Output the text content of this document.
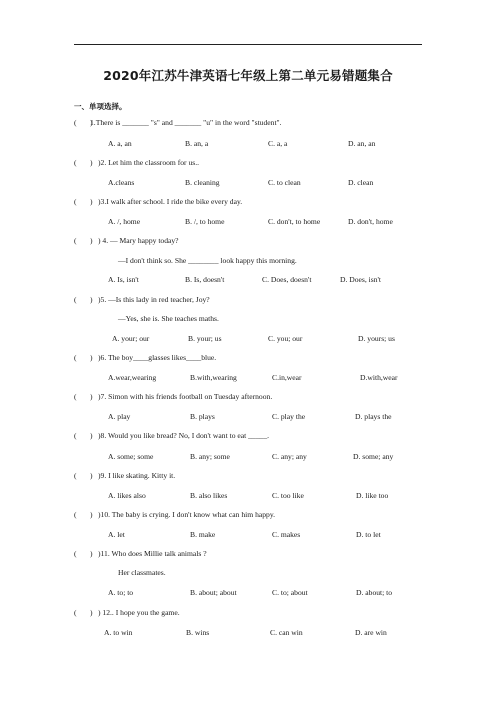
2020年江苏牛津英语七年级上第二单元易错题集合
一、单项选择。
( ) 1.There is _______ "s" and _______ "u" in the word "student".
A. a, an	B. an, a	C. a, a	D. an, an
( )	)2. Let him the classroom for us..
A.cleans	B. cleaning	C. to clean	D. clean
( )	)3.I walk after school. I ride the bike every day.
A. /, home	B. /, to home	C. don't, to home	D. don't, home
( )	) 4. — Mary happy today?
—I don't think so. She ________ look happy this morning.
A. Is, isn't	B. Is, doesn't	C. Does, doesn't	D. Does, isn't
( )	)5. —Is this lady in red teacher, Joy?
—Yes, she is. She teaches maths.
A. your; our	B. your; us	C. you; our	D. yours; us
( )	)6. The boy____glasses likes____blue.
A.wear,wearing	B.with,wearing	C.in,wear	D.with,wear
( )	)7. Simon with his friends football on Tuesday afternoon.
A. play	B. plays	C. play the	D. plays the
( )	)8. Would you like bread? No, I don't want to eat _____.
A. some; some	B. any; some	C. any; any	D. some; any
( )	)9. I like skating. Kitty it.
A. likes also	B. also likes	C. too like	D. like too
( )	)10. The baby is crying. I don't know what can him happy.
A. let	B. make	C. makes	D. to let
( )	)11. Who does Millie talk animals ?
Her classmates.
A. to; to	B. about; about	C. to; about	D. about; to
( )	) 12.. I hope you the game.
A. to win	B. wins	C. can win	D. are win
